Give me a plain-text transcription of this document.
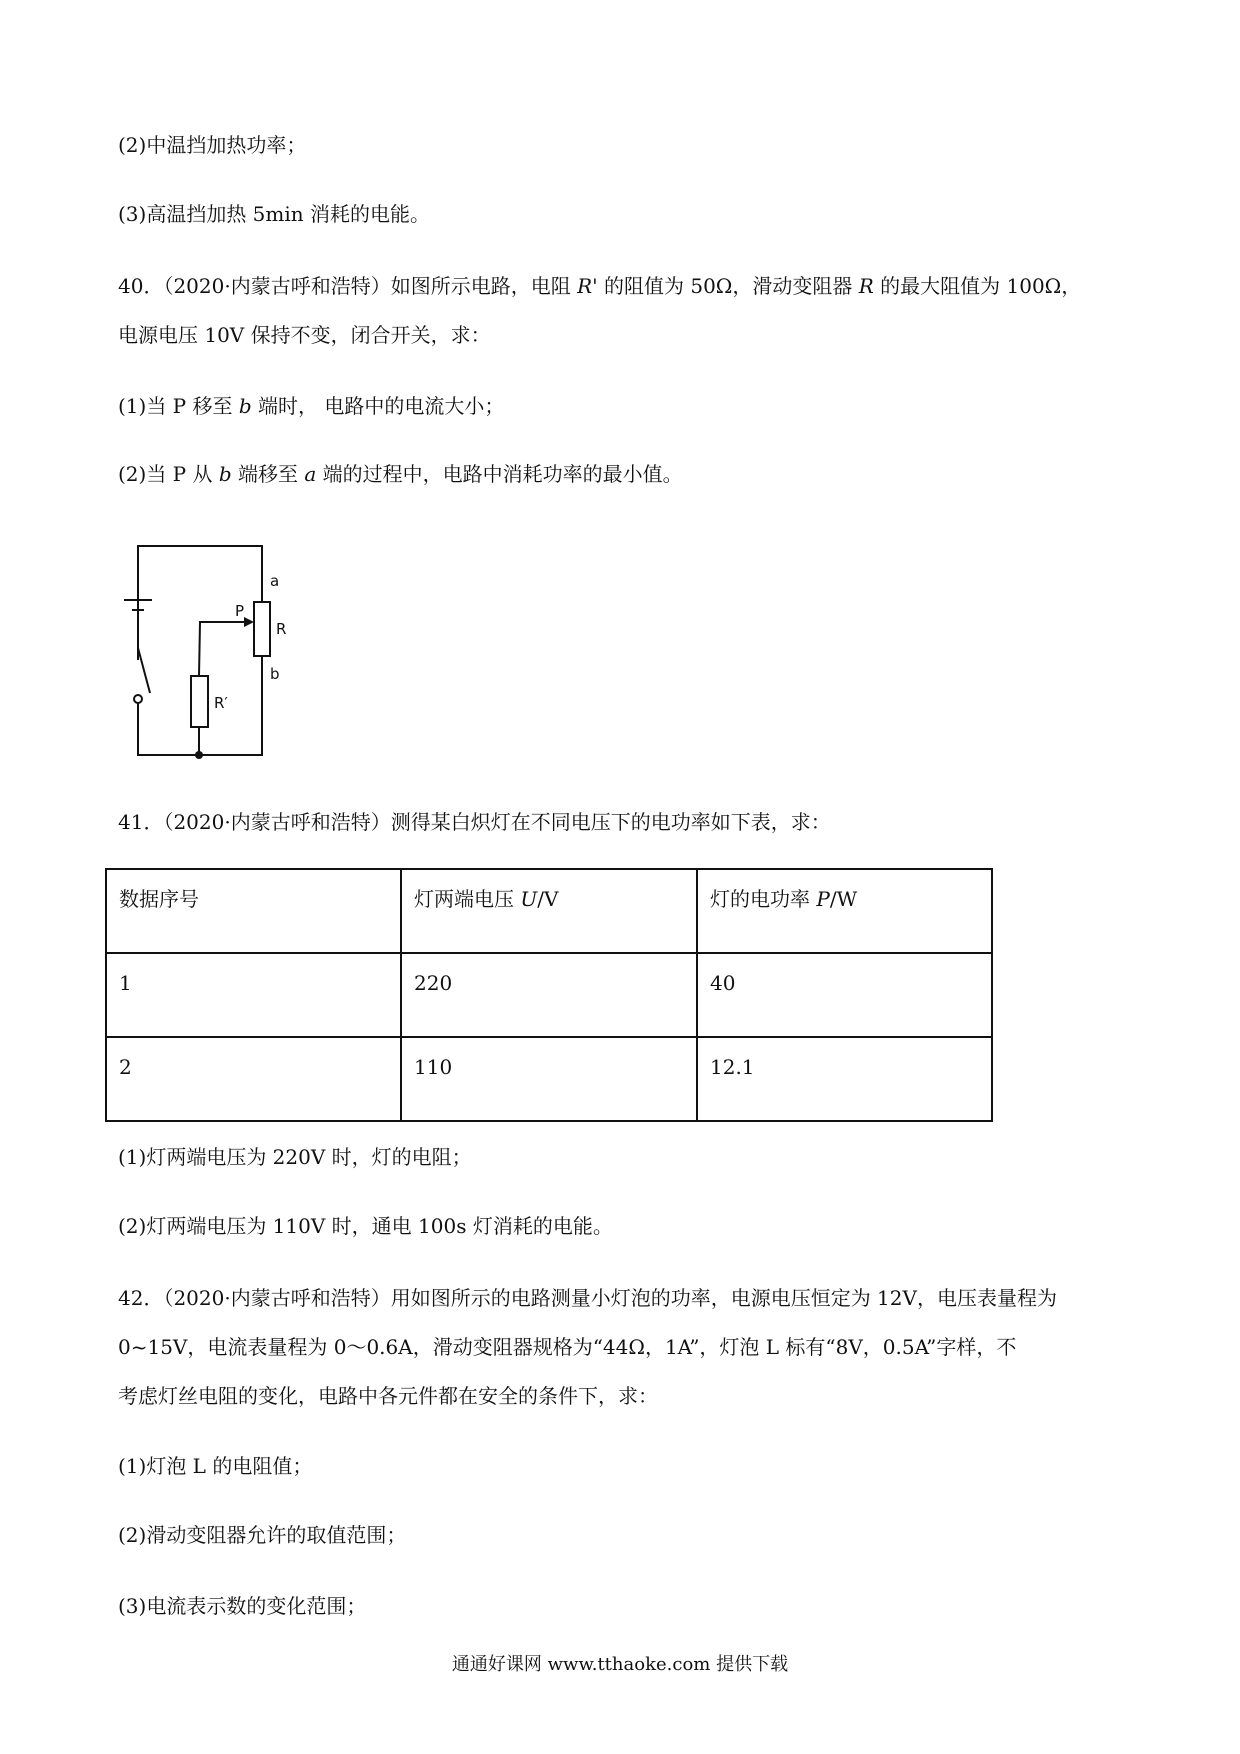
(2)中温挡加热功率；
(3)高温挡加热 5min 消耗的电能。
40．（2020·内蒙古呼和浩特）如图所示电路，电阻 R' 的阻值为 50Ω，滑动变阻器 R 的最大阻值为 100Ω，
电源电压 10V 保持不变，闭合开关，求：
(1)当 P 移至 b 端时， 电路中的电流大小；
(2)当 P 从 b 端移至 a 端的过程中，电路中消耗功率的最小值。
a
P
R
b
R′
41．（2020·内蒙古呼和浩特）测得某白炽灯在不同电压下的电功率如下表，求：
数据序号	灯两端电压 U/V	灯的电功率 P/W
1	220	40
2	110	12.1
(1)灯两端电压为 220V 时，灯的电阻；
(2)灯两端电压为 110V 时，通电 100s 灯消耗的电能。
42．（2020·内蒙古呼和浩特）用如图所示的电路测量小灯泡的功率，电源电压恒定为 12V，电压表量程为
0~15V，电流表量程为 0～0.6A，滑动变阻器规格为“44Ω，1A”，灯泡 L 标有“8V，0.5A”字样，不
考虑灯丝电阻的变化，电路中各元件都在安全的条件下，求：
(1)灯泡 L 的电阻值；
(2)滑动变阻器允许的取值范围；
(3)电流表示数的变化范围；
通通好课网 www.tthaoke.com 提供下载
